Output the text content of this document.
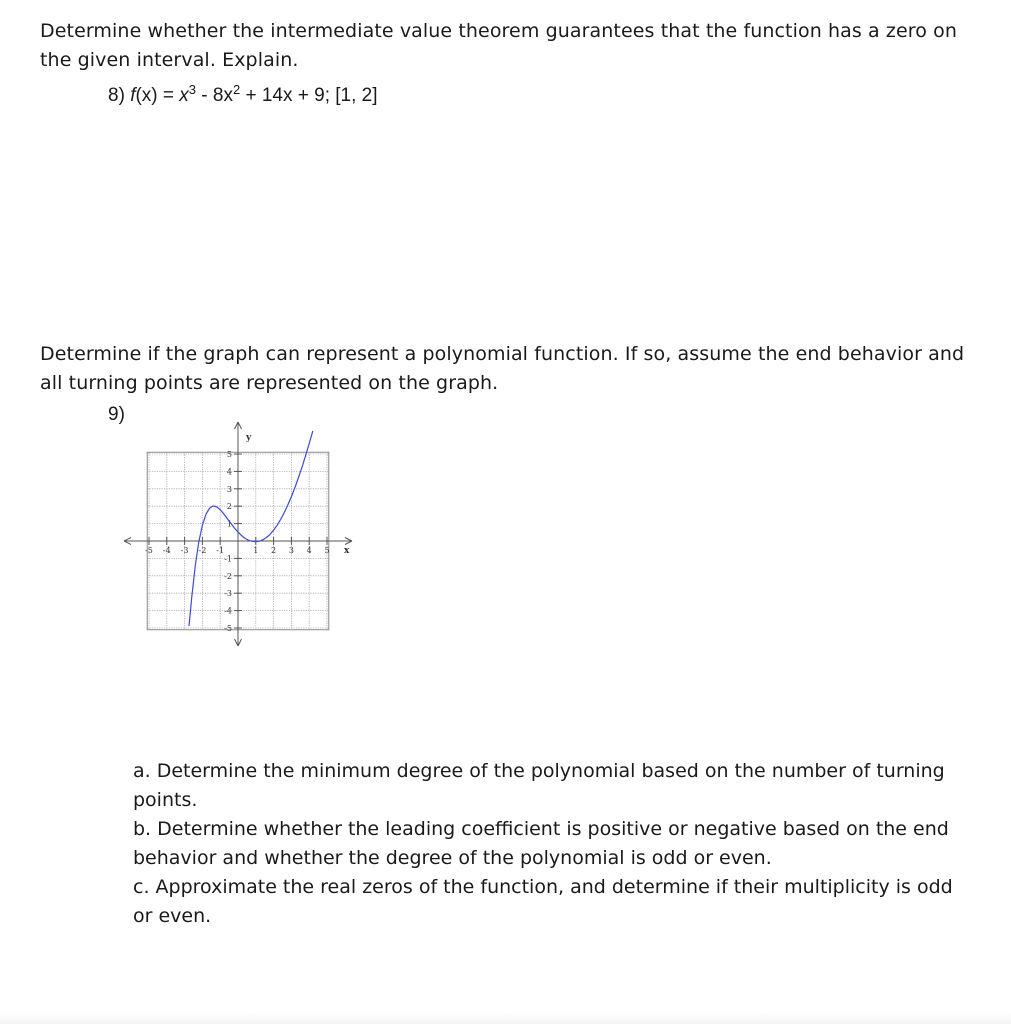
Determine whether the intermediate value theorem guarantees that the function has a zero on the given interval. Explain.

8) $f(x) = x^3 - 8x^2 + 14x + 9$; [1, 2]

Determine if the graph can represent a polynomial function. If so, assume the end behavior and all turning points are represented on the graph.

9)

-5 -4 -3 -2 -1	1 2 3 4 5
5
4
3
2
1
-1
-2
-3
-4
-5
y
x

a. Determine the minimum degree of the polynomial based on the number of turning points.

b. Determine whether the leading coefficient is positive or negative based on the end behavior and whether the degree of the polynomial is odd or even.

c. Approximate the real zeros of the function, and determine if their multiplicity is odd or even.
